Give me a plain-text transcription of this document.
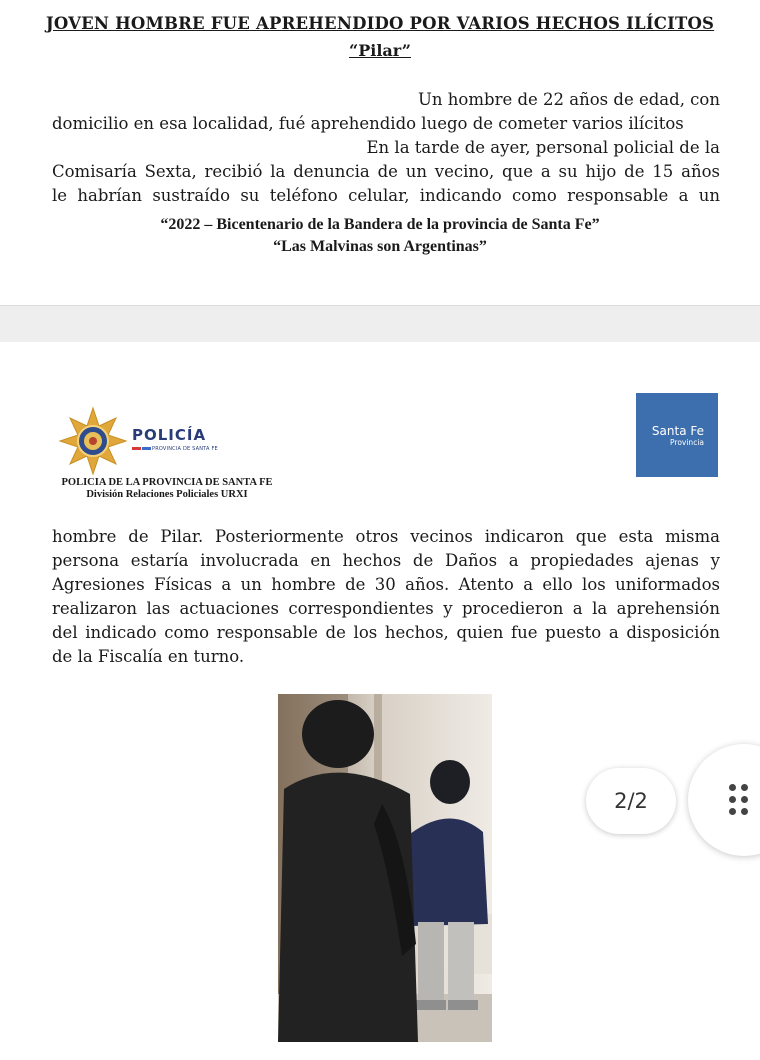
JOVEN HOMBRE FUE APREHENDIDO POR VARIOS HECHOS ILÍCITOS
“Pilar”
Un hombre de 22 años de edad, con
domicilio en esa localidad, fué aprehendido luego de cometer varios ilícitos
En la tarde de ayer, personal policial de la
Comisaría Sexta, recibió la denuncia de un vecino, que a su hijo de 15 años
le habrían sustraído su teléfono celular, indicando como responsable a un
“2022 – Bicentenario de la Bandera de la provincia de Santa Fe”
“Las Malvinas son Argentinas”
POLICÍA
PROVINCIA DE SANTA FE
POLICIA DE LA PROVINCIA DE SANTA FE
División Relaciones Policiales URXI
Santa Fe
Provincia
hombre de Pilar. Posteriormente otros vecinos indicaron que esta misma
persona estaría involucrada en hechos de Daños a propiedades ajenas y
Agresiones Físicas a un hombre de 30 años. Atento a ello los uniformados
realizaron las actuaciones correspondientes y procedieron a la aprehensión
del indicado como responsable de los hechos, quien fue puesto a disposición
de la Fiscalía en turno.
2/2
